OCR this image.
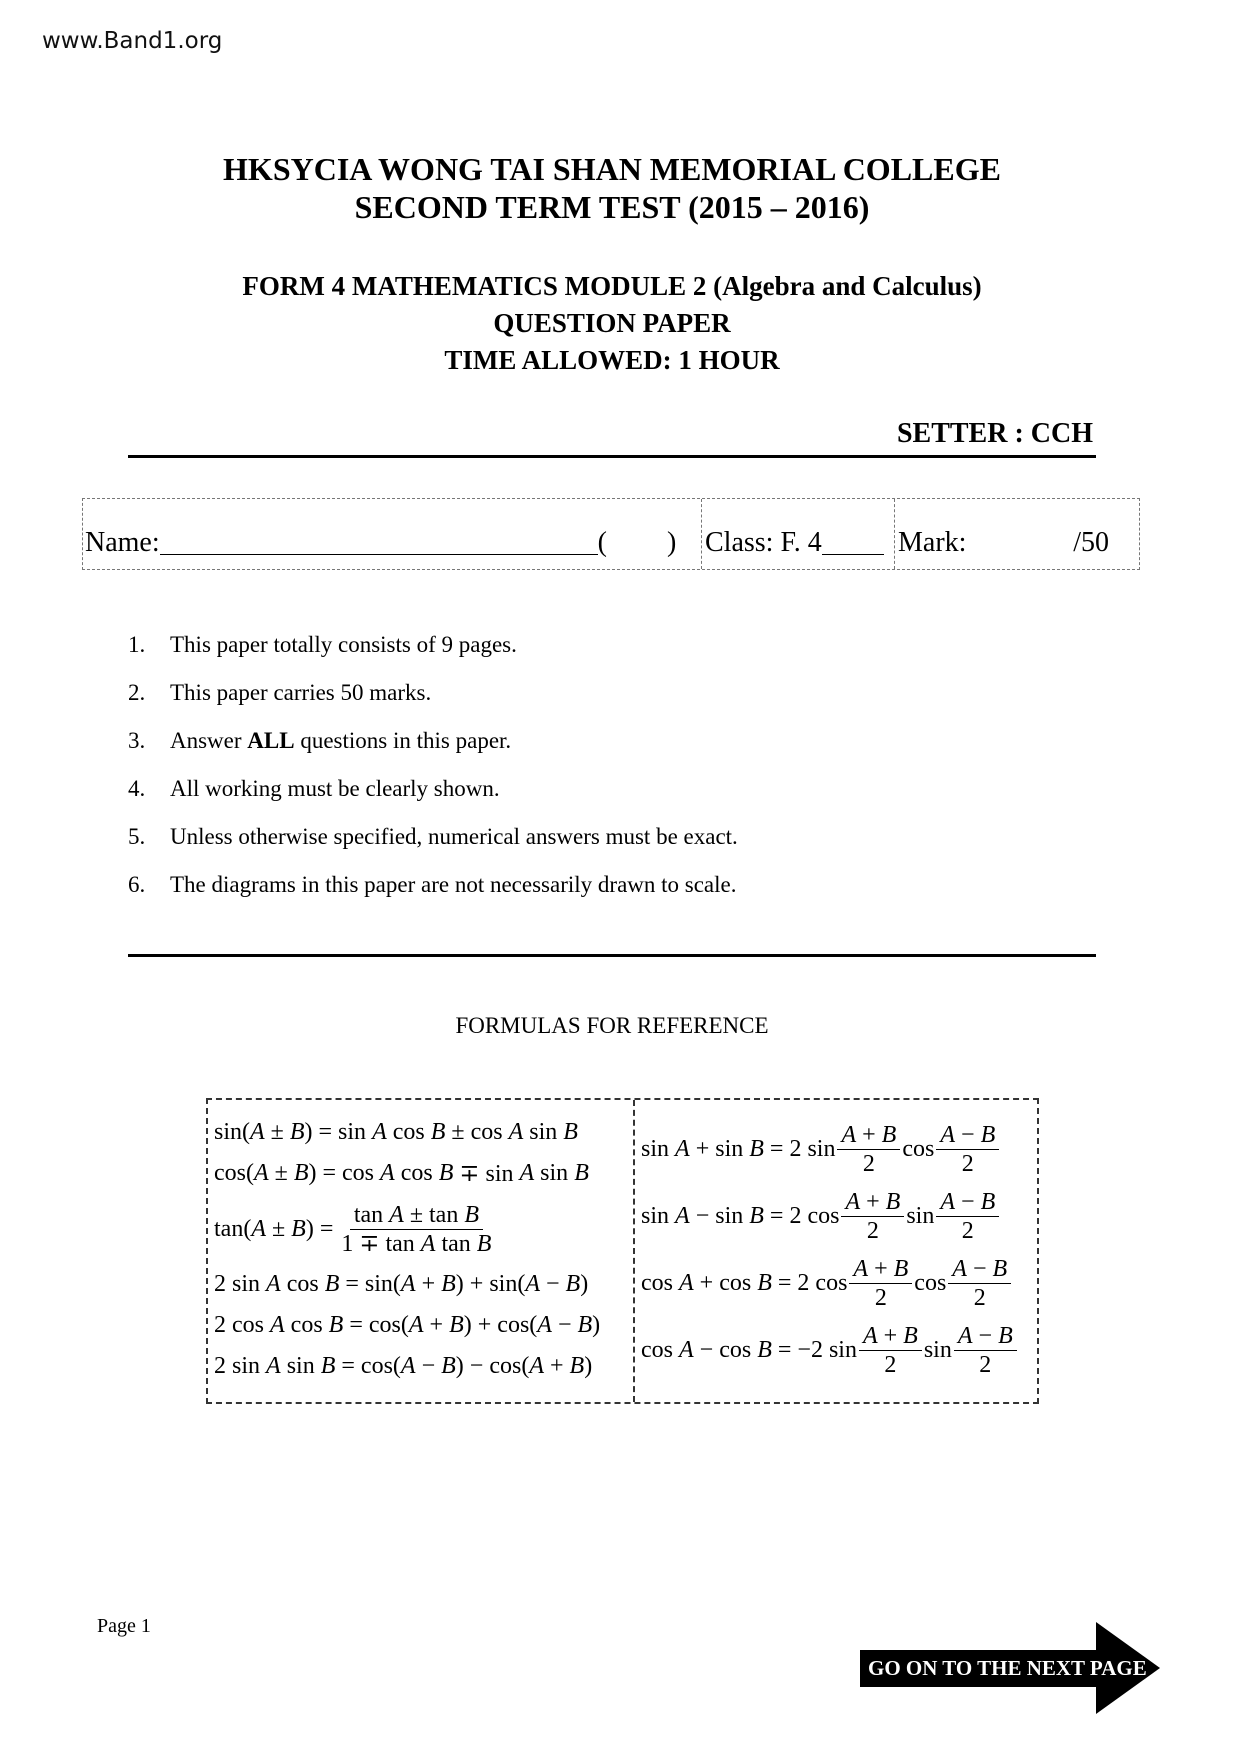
www.Band1.org
HKSYCIA WONG TAI SHAN MEMORIAL COLLEGE
SECOND TERM TEST (2015 – 2016)
FORM 4 MATHEMATICS MODULE 2 (Algebra and Calculus)
QUESTION PAPER
TIME ALLOWED: 1 HOUR
SETTER : CCH
Name:	( ) Class: F. 4	Mark:	/50
1.	This paper totally consists of 9 pages.
2.	This paper carries 50 marks.
3.	Answer ALL questions in this paper.
4.	All working must be clearly shown.
5.	Unless otherwise specified, numerical answers must be exact.
6.	The diagrams in this paper are not necessarily drawn to scale.
FORMULAS FOR REFERENCE
sin( A ± B ) = sin A cos B ± cos A sin B
cos( A ± B ) = cos A cos B ∓ sin A sin B
tan( A ± B ) = $\frac{\text{tan A ± tan B}}{\text{1 ∓ tan A tan B}}$
2 sin A cos B = sin( A + B ) + sin( A − B )
2 cos A cos B = cos( A + B ) + cos( A − B )
2 sin A sin B = cos( A − B ) − cos( A + B )
sin A + sin B = 2 $\sin \frac{A + B}{2}$ $\cos \frac{A - B}{2}$
sin A − sin B = 2 $\cos \frac{A + B}{2}$ $\sin \frac{A - B}{2}$
cos A + cos B = 2 $\cos \frac{A + B}{2}$ $\cos \frac{A - B}{2}$
cos A − cos B = −2 $\sin \frac{A + B}{2}$ $\sin \frac{A - B}{2}$
Page 1
GO ON TO THE NEXT PAGE
